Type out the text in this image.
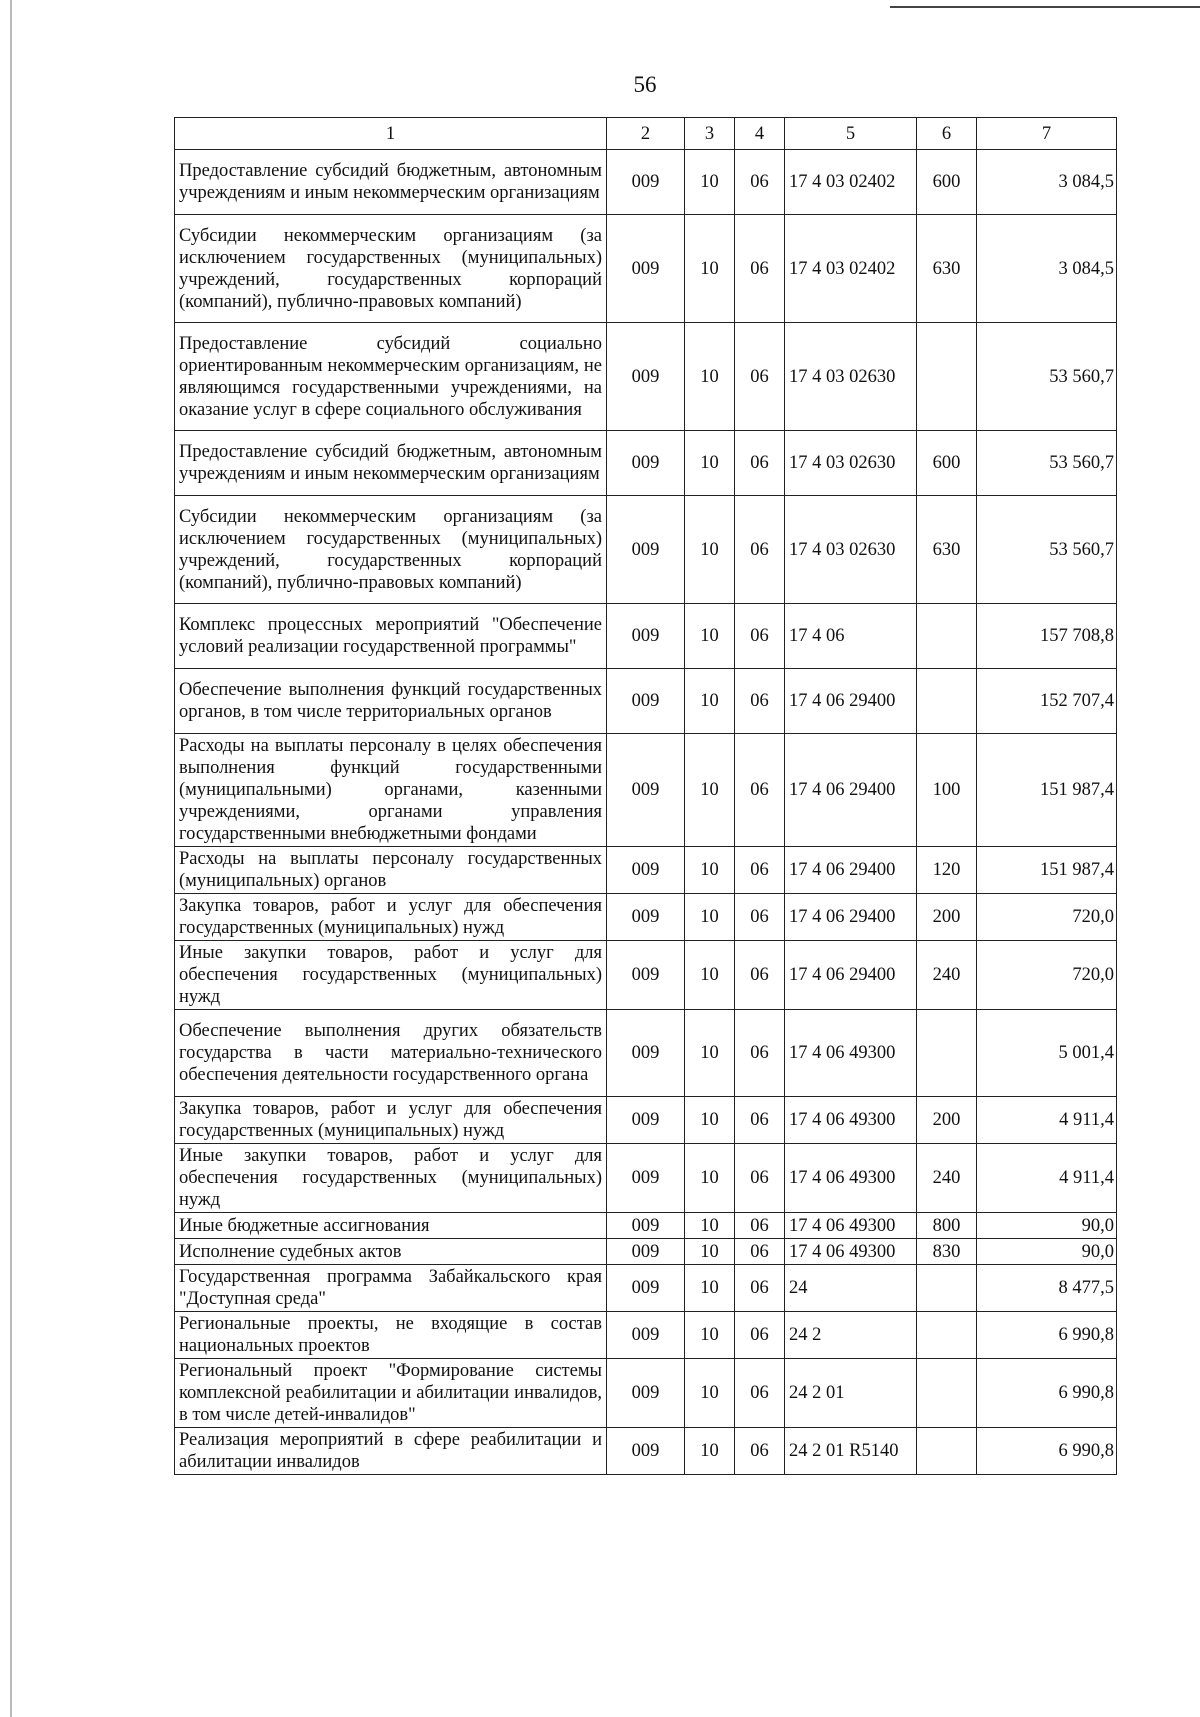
56
1	2	3	4	5	6	7
Предоставление субсидий бюджетным, автономным учреждениям и иным некоммерческим организациям	009	10	06	17 4 03 02402	600	3 084,5
Субсидии некоммерческим организациям (за исключением государственных (муниципальных) учреждений, государственных корпораций (компаний), публично-правовых компаний)	009	10	06	17 4 03 02402	630	3 084,5
Предоставление субсидий социально ориентированным некоммерческим организациям, не являющимся государственными учреждениями, на оказание услуг в сфере социального обслуживания	009	10	06	17 4 03 02630		53 560,7
Предоставление субсидий бюджетным, автономным учреждениям и иным некоммерческим организациям	009	10	06	17 4 03 02630	600	53 560,7
Субсидии некоммерческим организациям (за исключением государственных (муниципальных) учреждений, государственных корпораций (компаний), публично-правовых компаний)	009	10	06	17 4 03 02630	630	53 560,7
Комплекс процессных мероприятий "Обеспечение условий реализации государственной программы"	009	10	06	17 4 06		157 708,8
Обеспечение выполнения функций государственных органов, в том числе территориальных органов	009	10	06	17 4 06 29400		152 707,4
Расходы на выплаты персоналу в целях обеспечения выполнения функций государственными (муниципальными) органами, казенными учреждениями, органами управления государственными внебюджетными фондами	009	10	06	17 4 06 29400	100	151 987,4
Расходы на выплаты персоналу государственных (муниципальных) органов	009	10	06	17 4 06 29400	120	151 987,4
Закупка товаров, работ и услуг для обеспечения государственных (муниципальных) нужд	009	10	06	17 4 06 29400	200	720,0
Иные закупки товаров, работ и услуг для обеспечения государственных (муниципальных) нужд	009	10	06	17 4 06 29400	240	720,0
Обеспечение выполнения других обязательств государства в части материально-технического обеспечения деятельности государственного органа	009	10	06	17 4 06 49300		5 001,4
Закупка товаров, работ и услуг для обеспечения государственных (муниципальных) нужд	009	10	06	17 4 06 49300	200	4 911,4
Иные закупки товаров, работ и услуг для обеспечения государственных (муниципальных) нужд	009	10	06	17 4 06 49300	240	4 911,4
Иные бюджетные ассигнования	009	10	06	17 4 06 49300	800	90,0
Исполнение судебных актов	009	10	06	17 4 06 49300	830	90,0
Государственная программа Забайкальского края "Доступная среда"	009	10	06	24		8 477,5
Региональные проекты, не входящие в состав национальных проектов	009	10	06	24 2		6 990,8
Региональный проект "Формирование системы комплексной реабилитации и абилитации инвалидов, в том числе детей-инвалидов"	009	10	06	24 2 01		6 990,8
Реализация мероприятий в сфере реабилитации и абилитации инвалидов	009	10	06	24 2 01 R5140		6 990,8
